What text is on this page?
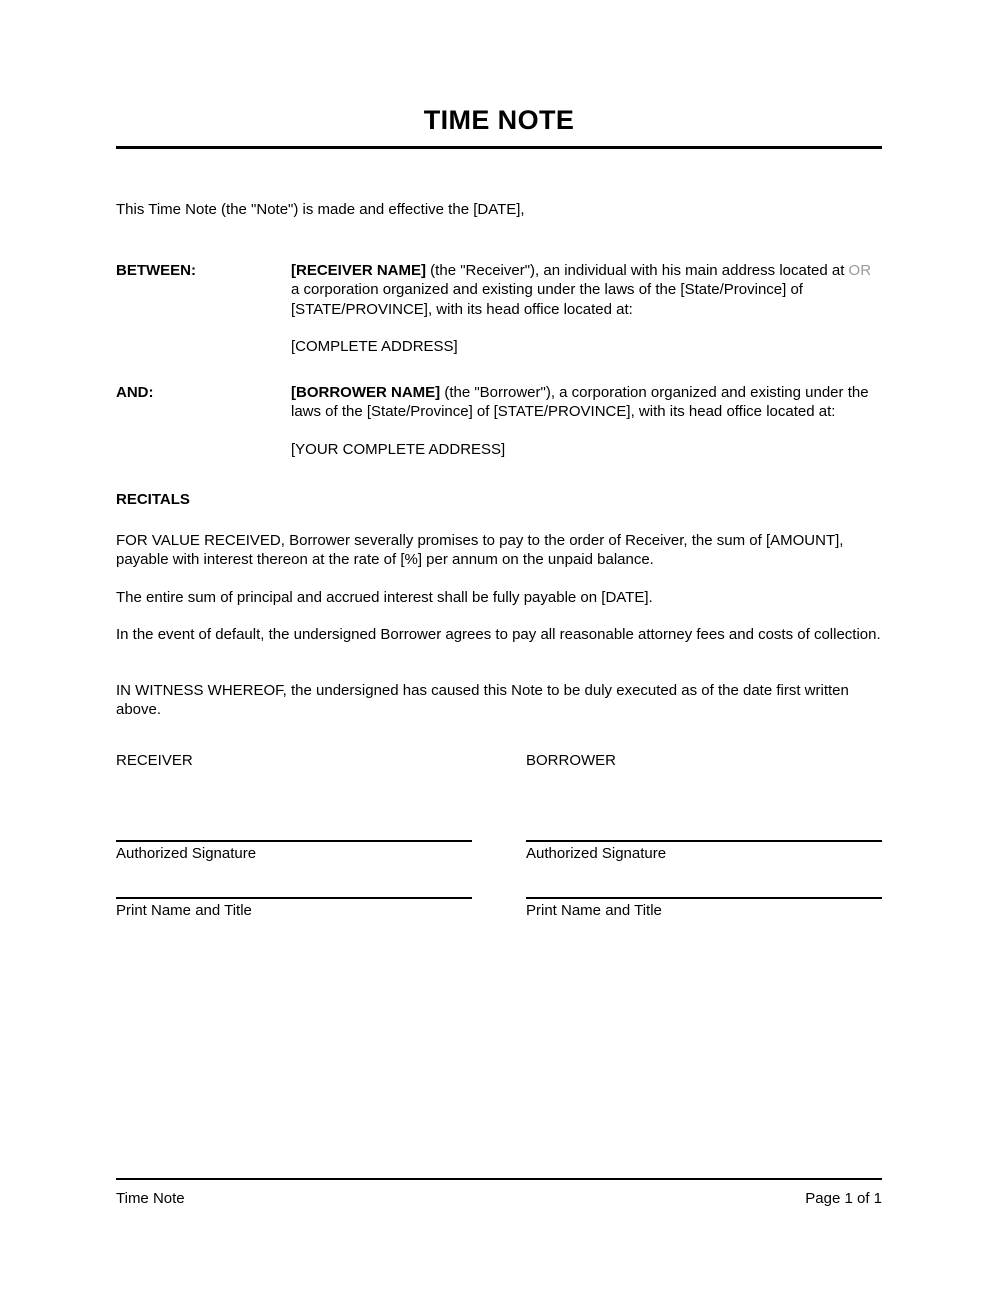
TIME NOTE

This Time Note (the "Note") is made and effective the [DATE],

BETWEEN:	[RECEIVER NAME] (the "Receiver"), an individual with his main address located at OR a corporation organized and existing under the laws of the [State/Province] of [STATE/PROVINCE], with its head office located at:
[COMPLETE ADDRESS]
AND:	[BORROWER NAME] (the "Borrower"), a corporation organized and existing under the laws of the [State/Province] of [STATE/PROVINCE], with its head office located at:
[YOUR COMPLETE ADDRESS]

RECITALS

FOR VALUE RECEIVED, Borrower severally promises to pay to the order of Receiver, the sum of [AMOUNT], payable with interest thereon at the rate of [%] per annum on the unpaid balance.

The entire sum of principal and accrued interest shall be fully payable on [DATE].

In the event of default, the undersigned Borrower agrees to pay all reasonable attorney fees and costs of collection.

IN WITNESS WHEREOF, the undersigned has caused this Note to be duly executed as of the date first written above.

RECEIVER
Authorized Signature
Print Name and Title
BORROWER
Authorized Signature
Print Name and Title
Time Note	Page 1 of 1
